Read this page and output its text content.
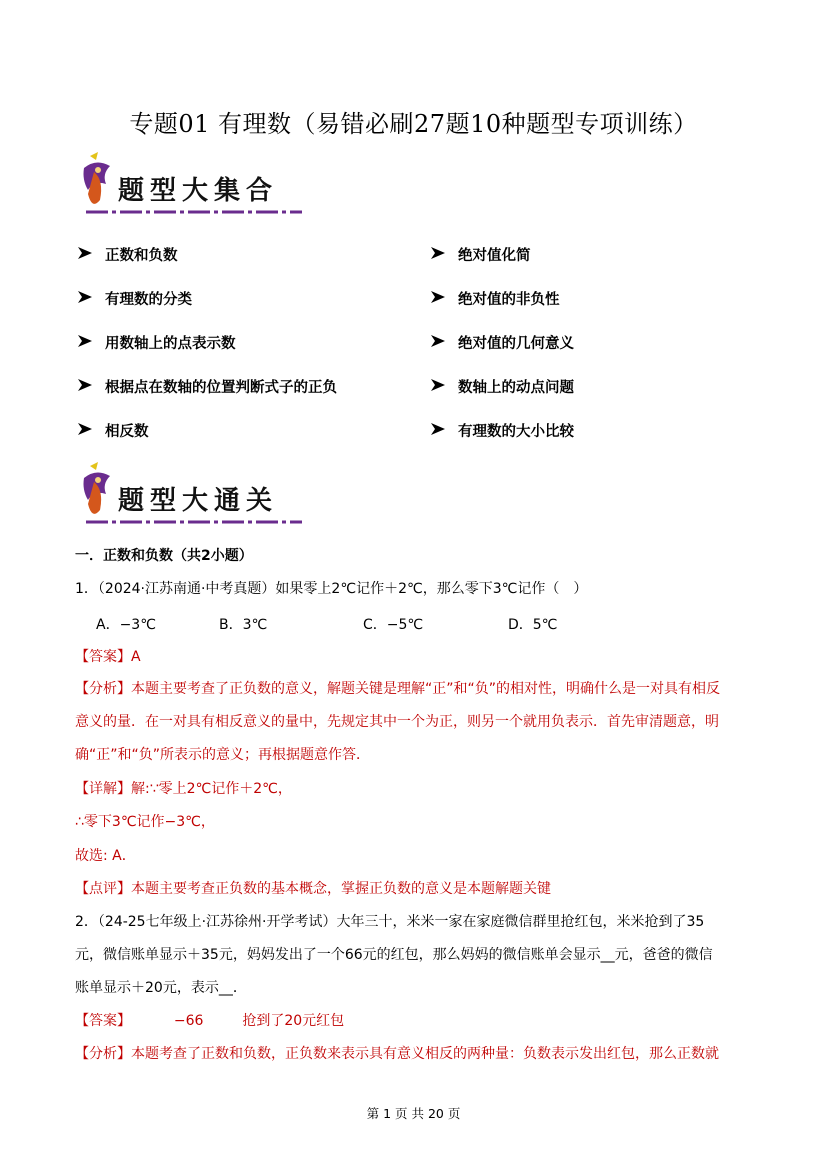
专题01 有理数（易错必刷27题10种题型专项训练）
题型大集合
正数和负数
有理数的分类
用数轴上的点表示数
根据点在数轴的位置判断式子的正负
相反数
绝对值化简
绝对值的非负性
绝对值的几何意义
数轴上的动点问题
有理数的大小比较
题型大通关
一．正数和负数（共2小题）
1．（2024·江苏南通·中考真题）如果零上2℃记作＋2℃，那么零下3℃记作（　）
A．−3℃	B．3℃	C．−5℃	D．5℃
【答案】A
【分析】本题主要考查了正负数的意义，解题关键是理解“正”和“负”的相对性，明确什么是一对具有相反
意义的量．在一对具有相反意义的量中，先规定其中一个为正，则另一个就用负表示．首先审清题意，明
确“正”和“负”所表示的意义；再根据题意作答．
【详解】解:∵零上2℃记作＋2℃，
∴零下3℃记作−3℃，
故选: A．
【点评】本题主要考查正负数的基本概念，掌握正负数的意义是本题解题关键
2．（24-25七年级上·江苏徐州·开学考试）大年三十，米米一家在家庭微信群里抢红包，米米抢到了35
元，微信账单显示＋35元，妈妈发出了一个66元的红包，那么妈妈的微信账单会显示__元，爸爸的微信
账单显示＋20元，表示__．
【答案】	−66	抢到了20元红包
【分析】本题考查了正数和负数，正负数来表示具有意义相反的两种量：负数表示发出红包，那么正数就
第 1 页 共 20 页
